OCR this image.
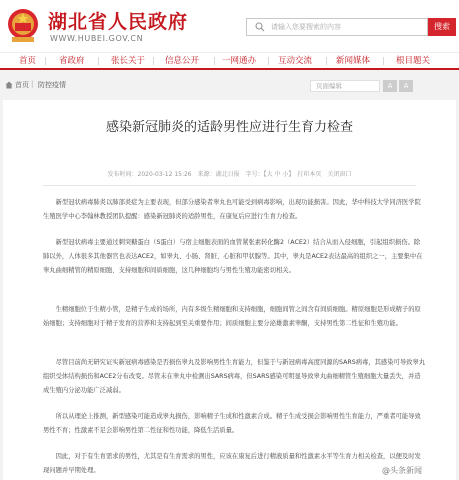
湖北省人民政府
WWW.HUBEI.GOV.CN
请输入您要搜索的内容
搜索
首页	省政府	张长关于 信息公开	一网通办	互动交流	新闻媒体	根目题关
首页 | 防控疫情	页面编辑	A	A
感染新冠肺炎的适龄男性应进行生育力检查
发布时间：2020-03-12 15:26　来源：湖北日报　字号：【大 中 小】　打印本页　关闭窗口

新型冠状病毒肺炎以肺部炎症为主要表现，但部分感染者睾丸也可能受到病毒影响，出现功能损害。因此，华中科技大学同济医学院生殖医学中心李翰林教授团队提醒：感染新冠肺炎的适龄男性，在康复后应进行生育力检查。

新型冠状病毒主要通过刺突糖蛋白（S蛋白）与宿主细胞表面的血管紧张素转化酶2（ACE2）结合从而入侵细胞，引起组织损伤。除肺以外，人体很多其他器官也表达ACE2，如睾丸、小肠、肾脏、心脏和甲状腺等。其中，睾丸是ACE2表达最高的组织之一，主要集中在睾丸曲细精管的精原细胞、支持细胞和间质细胞，这几种细胞均与男性生殖功能密切相关。

生精细胞位于生精小管，是精子生成的场所，内有多级生精细胞和支持细胞，细胞间管之间含有间质细胞。精原细胞是形成精子的原始细胞；支持细胞对于精子发育的营养和支持起到至关重要作用；间质细胞主要分泌雄激素睾酮，支持男性第二性征和生殖功能。

尽管目前尚无研究证实新冠病毒感染是否损伤睾丸及影响男性生育能力，但鉴于与新冠病毒高度同源的SARS病毒，其感染可导致睾丸组织受体结构损伤和ACE2分布改变。尽管未在睾丸中检测出SARS病毒，但SARS感染可明显导致睾丸曲细精管生殖细胞大量丢失，并造成生殖内分泌功能广泛减弱。

所以从理论上推测，新型感染可能造成睾丸损伤，影响精子生成和性激素合成。精子生成受损会影响男性生育能力，严重者可能导致男性不育；性激素不足会影响男性第二性征和性功能，降低生活质量。

因此，对于有生育需求的男性，尤其是有生育需求的男性，应该在康复后进行精液质量和性激素水平等生育力相关检查，以便及时发现问题并早期处理。	@头条新闻
